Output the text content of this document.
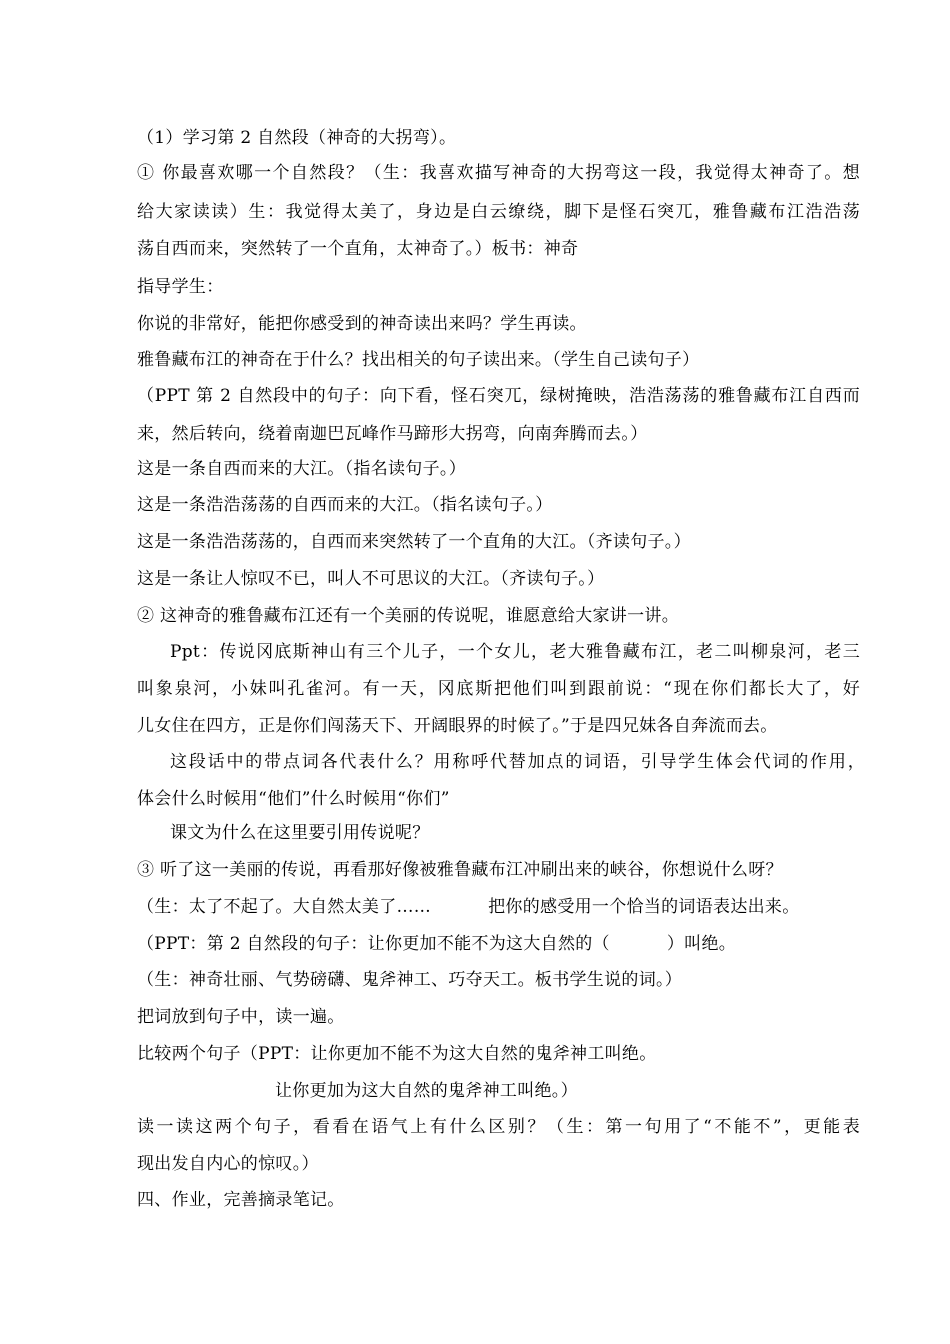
（1）学习第 2 自然段（神奇的大拐弯）。
① 你最喜欢哪一个自然段？（生：我喜欢描写神奇的大拐弯这一段，我觉得太神奇了。想
给大家读读）生：我觉得太美了，身边是白云缭绕，脚下是怪石突兀，雅鲁藏布江浩浩荡
荡自西而来，突然转了一个直角，太神奇了。）板书：神奇
指导学生：
你说的非常好，能把你感受到的神奇读出来吗？学生再读。
雅鲁藏布江的神奇在于什么？找出相关的句子读出来。（学生自己读句子）
（PPT 第 2 自然段中的句子：向下看，怪石突兀，绿树掩映，浩浩荡荡的雅鲁藏布江自西而
来，然后转向，绕着南迦巴瓦峰作马蹄形大拐弯，向南奔腾而去。）
这是一条自西而来的大江。（指名读句子。）
这是一条浩浩荡荡的自西而来的大江。（指名读句子。）
这是一条浩浩荡荡的，自西而来突然转了一个直角的大江。（齐读句子。）
这是一条让人惊叹不已，叫人不可思议的大江。（齐读句子。）
② 这神奇的雅鲁藏布江还有一个美丽的传说呢，谁愿意给大家讲一讲。
Ppt：传说冈底斯神山有三个儿子，一个女儿，老大雅鲁藏布江，老二叫柳泉河，老三
叫象泉河，小妹叫孔雀河。有一天，冈底斯把他们叫到跟前说：“现在你们都长大了，好
儿女住在四方，正是你们闯荡天下、开阔眼界的时候了。”于是四兄妹各自奔流而去。
这段话中的带点词各代表什么？用称呼代替加点的词语，引导学生体会代词的作用，
体会什么时候用“他们”什么时候用“你们”
课文为什么在这里要引用传说呢？
③ 听了这一美丽的传说，再看那好像被雅鲁藏布江冲刷出来的峡谷，你想说什么呀？
（生：太了不起了。大自然太美了……          把你的感受用一个恰当的词语表达出来。
（PPT：第 2 自然段的句子：让你更加不能不为这大自然的（          ）叫绝。
（生：神奇壮丽、气势磅礴、鬼斧神工、巧夺天工。板书学生说的词。）
把词放到句子中，读一遍。
比较两个句子（PPT：让你更加不能不为这大自然的鬼斧神工叫绝。
让你更加为这大自然的鬼斧神工叫绝。）
读一读这两个句子，看看在语气上有什么区别？（生：第一句用了“不能不”，更能表
现出发自内心的惊叹。）
四、作业，完善摘录笔记。
